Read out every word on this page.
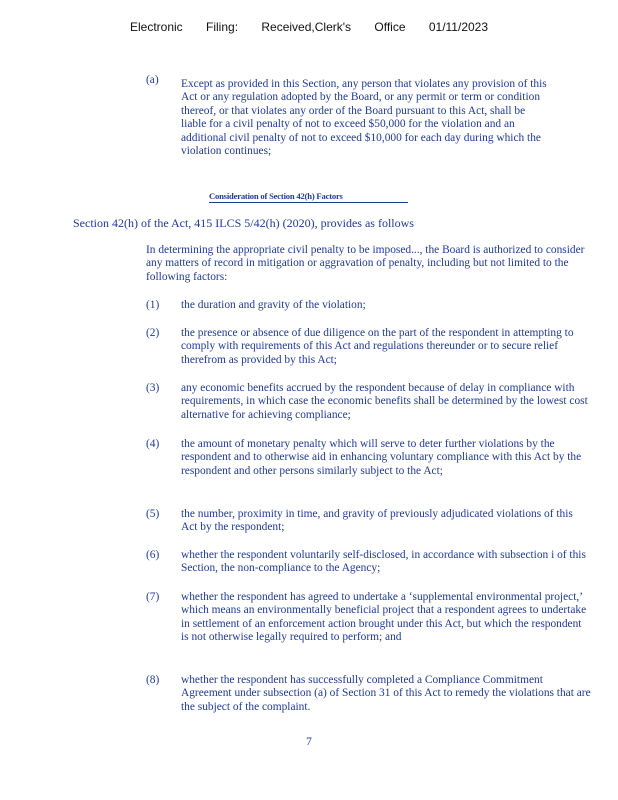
Electronic Filing: Received,Clerk's Office 01/11/2023
(a) Except as provided in this Section, any person that violates any provision of this Act or any regulation adopted by the Board, or any permit or term or condition thereof, or that violates any order of the Board pursuant to this Act, shall be liable for a civil penalty of not to exceed $50,000 for the violation and an additional civil penalty of not to exceed $10,000 for each day during which the violation continues;
Consideration of Section 42(h) Factors
Section 42(h) of the Act, 415 ILCS 5/42(h) (2020), provides as follows
In determining the appropriate civil penalty to be imposed..., the Board is authorized to consider any matters of record in mitigation or aggravation of penalty, including but not limited to the following factors:
(1) the duration and gravity of the violation;
(2) the presence or absence of due diligence on the part of the respondent in attempting to comply with requirements of this Act and regulations thereunder or to secure relief therefrom as provided by this Act;
(3) any economic benefits accrued by the respondent because of delay in compliance with requirements, in which case the economic benefits shall be determined by the lowest cost alternative for achieving compliance;
(4) the amount of monetary penalty which will serve to deter further violations by the respondent and to otherwise aid in enhancing voluntary compliance with this Act by the respondent and other persons similarly subject to the Act;
(5) the number, proximity in time, and gravity of previously adjudicated violations of this Act by the respondent;
(6) whether the respondent voluntarily self-disclosed, in accordance with subsection i of this Section, the non-compliance to the Agency;
(7) whether the respondent has agreed to undertake a ‘supplemental environmental project,’ which means an environmentally beneficial project that a respondent agrees to undertake in settlement of an enforcement action brought under this Act, but which the respondent is not otherwise legally required to perform; and
(8) whether the respondent has successfully completed a Compliance Commitment Agreement under subsection (a) of Section 31 of this Act to remedy the violations that are the subject of the complaint.
7
